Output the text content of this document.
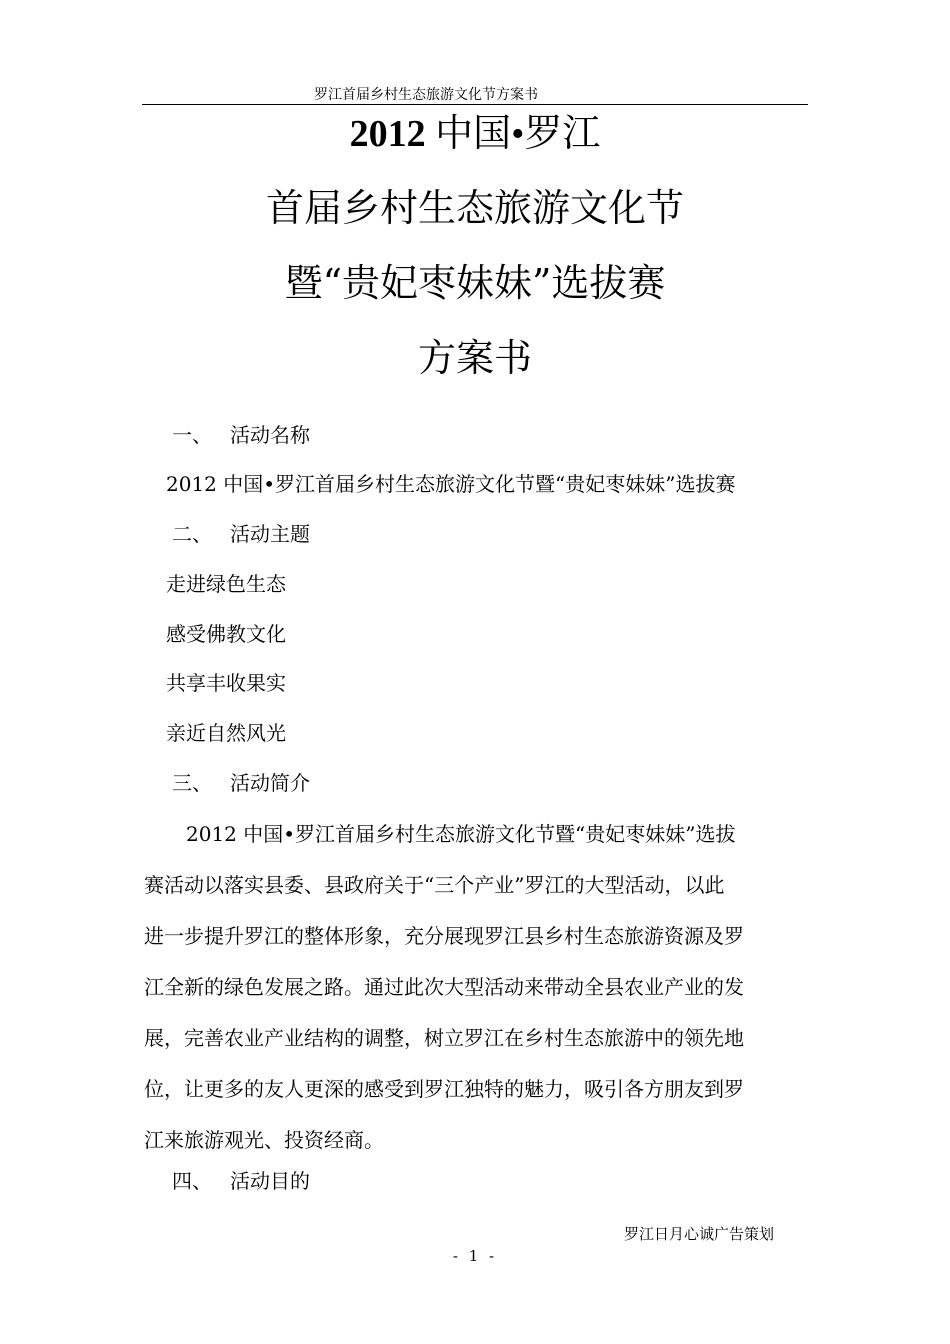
罗江首届乡村生态旅游文化节方案书
2012 中国•罗江
首届乡村生态旅游文化节
暨“贵妃枣妹妹”选拔赛
方案书
一、 活动名称
2012 中国•罗江首届乡村生态旅游文化节暨“贵妃枣妹妹”选拔赛
二、 活动主题
走进绿色生态
感受佛教文化
共享丰收果实
亲近自然风光
三、 活动简介
2012 中国•罗江首届乡村生态旅游文化节暨“贵妃枣妹妹”选拔
赛活动以落实县委、县政府关于“三个产业”罗江的大型活动，以此
进一步提升罗江的整体形象，充分展现罗江县乡村生态旅游资源及罗
江全新的绿色发展之路。通过此次大型活动来带动全县农业产业的发
展，完善农业产业结构的调整，树立罗江在乡村生态旅游中的领先地
位，让更多的友人更深的感受到罗江独特的魅力，吸引各方朋友到罗
江来旅游观光、投资经商。
四、 活动目的
罗江日月心诚广告策划
- 1 -
